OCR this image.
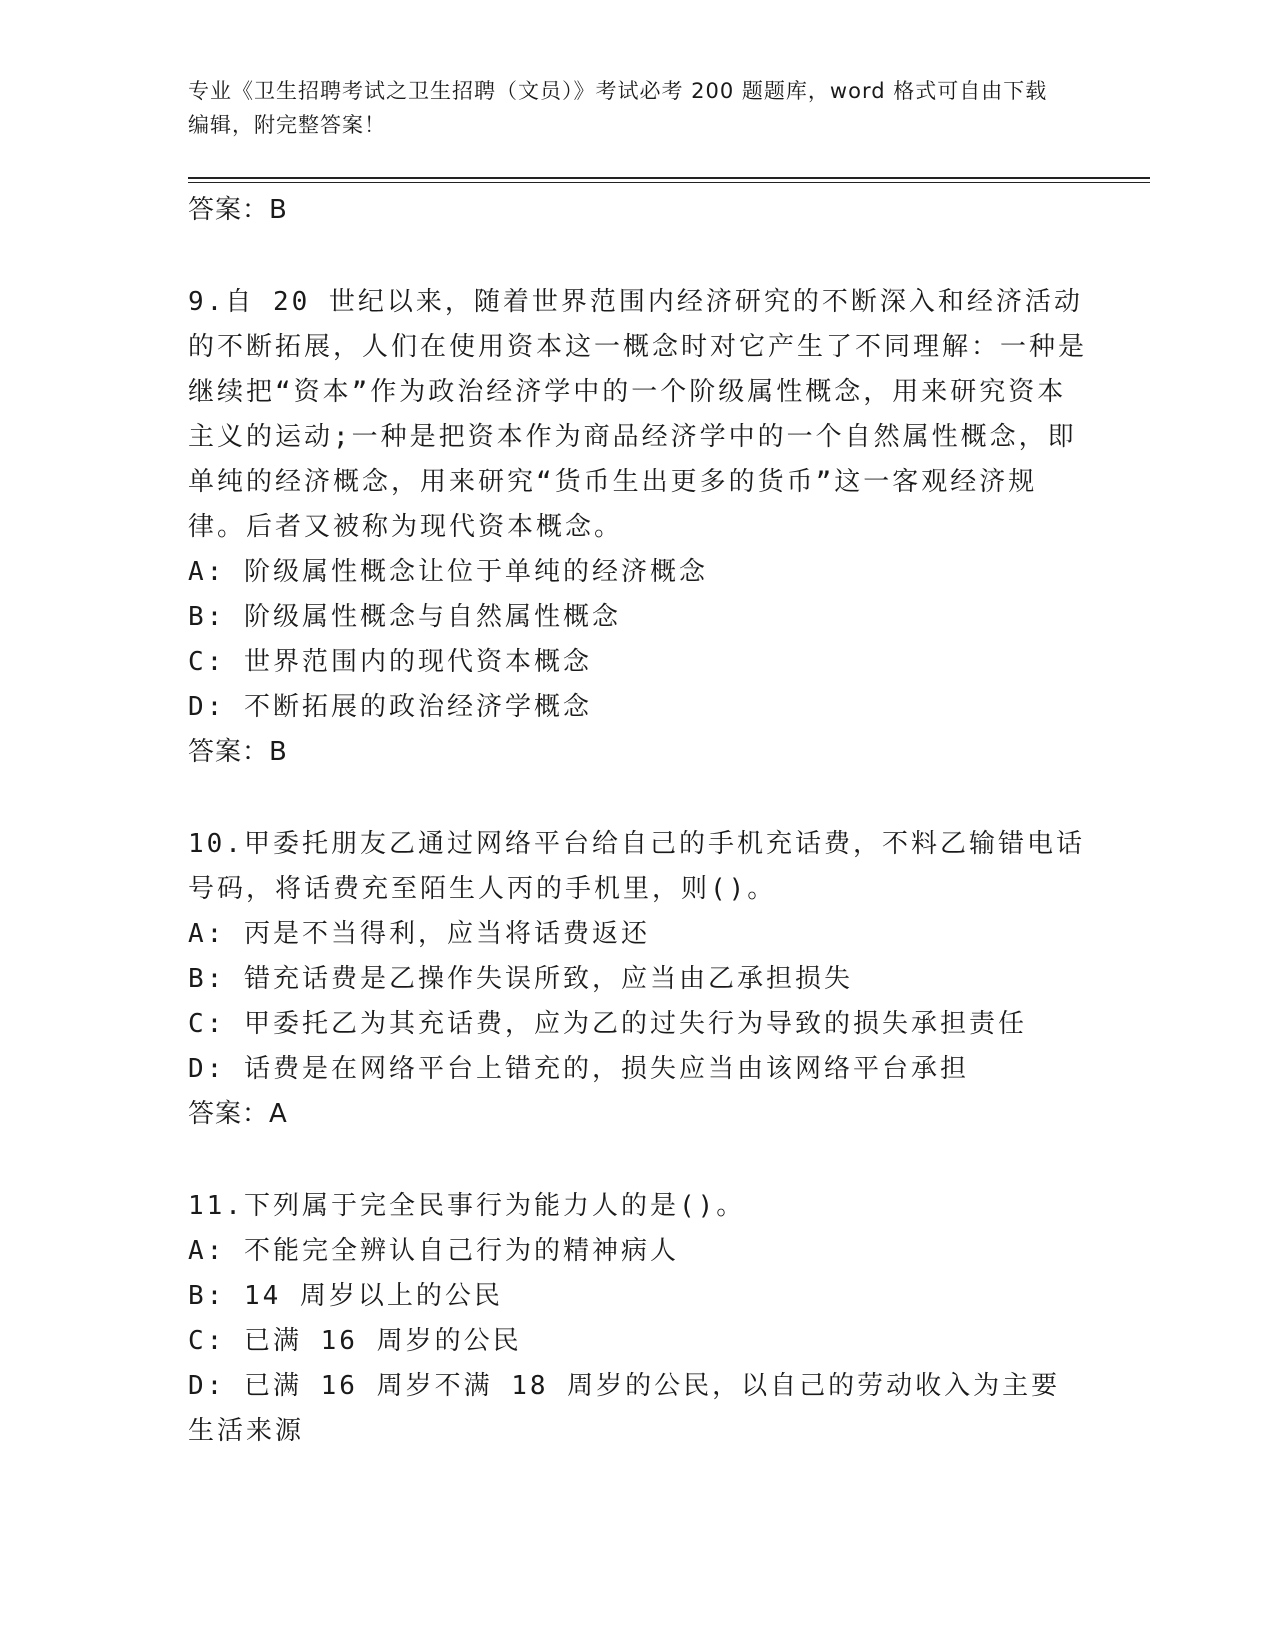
专业《卫生招聘考试之卫生招聘（文员）》考试必考 200 题题库，word 格式可自由下载编辑，附完整答案！

答案：B

9.自 20 世纪以来，随着世界范围内经济研究的不断深入和经济活动的不断拓展，人们在使用资本这一概念时对它产生了不同理解：一种是继续把“资本”作为政治经济学中的一个阶级属性概念，用来研究资本主义的运动;一种是把资本作为商品经济学中的一个自然属性概念，即单纯的经济概念，用来研究“货币生出更多的货币”这一客观经济规律。后者又被称为现代资本概念。

A: 阶级属性概念让位于单纯的经济概念

B: 阶级属性概念与自然属性概念

C: 世界范围内的现代资本概念

D: 不断拓展的政治经济学概念

答案：B

10.甲委托朋友乙通过网络平台给自己的手机充话费，不料乙输错电话号码，将话费充至陌生人丙的手机里，则()。

A: 丙是不当得利，应当将话费返还

B: 错充话费是乙操作失误所致，应当由乙承担损失

C: 甲委托乙为其充话费，应为乙的过失行为导致的损失承担责任

D: 话费是在网络平台上错充的，损失应当由该网络平台承担

答案：A

11.下列属于完全民事行为能力人的是()。

A: 不能完全辨认自己行为的精神病人

B: 14 周岁以上的公民

C: 已满 16 周岁的公民

D: 已满 16 周岁不满 18 周岁的公民，以自己的劳动收入为主要生活来源
